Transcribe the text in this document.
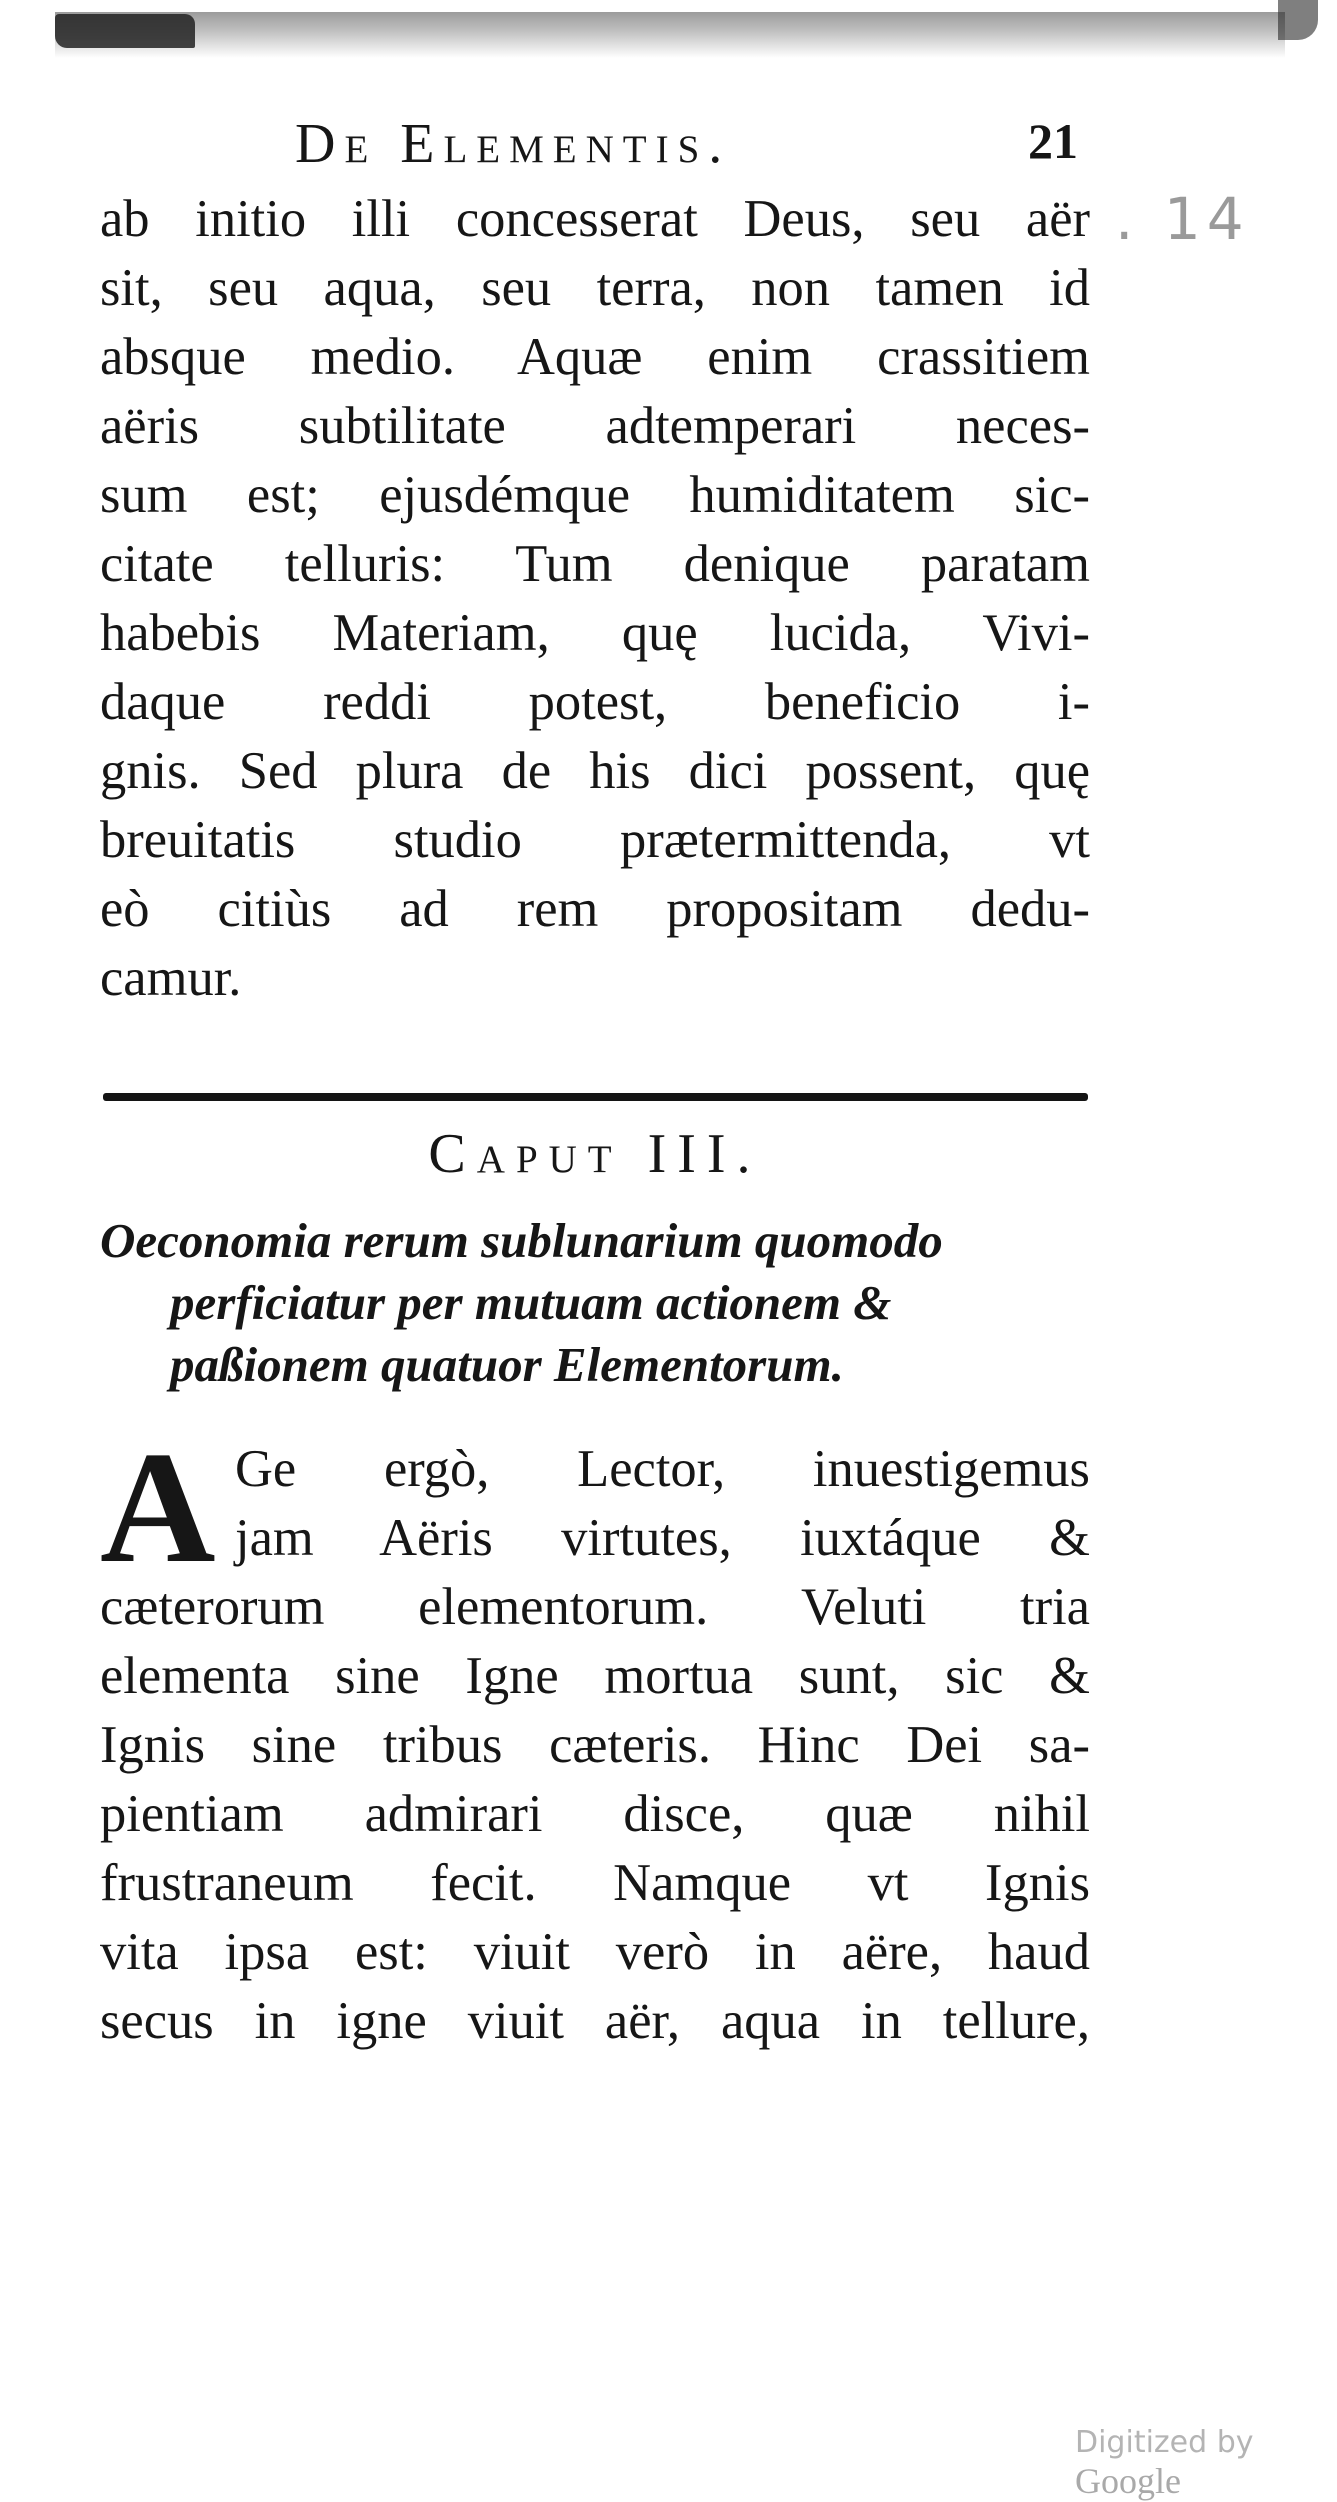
. 14
De Elementis.	21
ab initio illi concesserat Deus, seu aër
sit, seu aqua, seu terra, non tamen id
absque medio. Aquæ enim crassitiem
aëris subtilitate adtemperari neces-
sum est; ejusdémque humiditatem sic-
citate telluris: Tum denique paratam
habebis Materiam, quę lucida, Vivi-
daque reddi potest, beneficio i-
gnis. Sed plura de his dici possent, quę
breuitatis studio prætermittenda, vt
eò citiùs ad rem propositam dedu-
camur.
Caput III.
Oeconomia rerum sublunarium quomodo
perficiatur per mutuam actionem &
paßionem quatuor Elementorum.
A Ge ergò, Lector, inuestigemus
jam Aëris virtutes, iuxtáque &
cæterorum elementorum. Veluti tria
elementa sine Igne mortua sunt, sic &
Ignis sine tribus cæteris. Hinc Dei sa-
pientiam admirari disce, quæ nihil
frustraneum fecit. Namque vt Ignis
vita ipsa est: viuit verò in aëre, haud
secus in igne viuit aër, aqua in tellure,
Digitized by Google
